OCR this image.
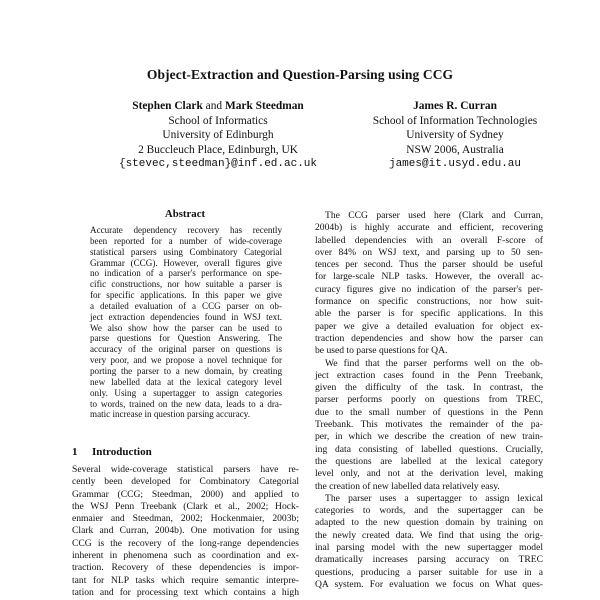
Object-Extraction and Question-Parsing using CCG
Stephen Clark and Mark Steedman
School of Informatics
University of Edinburgh
2 Buccleuch Place, Edinburgh, UK
{stevec,steedman}@inf.ed.ac.uk
James R. Curran
School of Information Technologies
University of Sydney
NSW 2006, Australia
james@it.usyd.edu.au
Abstract
Accurate dependency recovery has recently
been reported for a number of wide-coverage
statistical parsers using Combinatory Categorial
Grammar (CCG). However, overall figures give
no indication of a parser's performance on spe-
cific constructions, nor how suitable a parser is
for specific applications. In this paper we give
a detailed evaluation of a CCG parser on ob-
ject extraction dependencies found in WSJ text.
We also show how the parser can be used to
parse questions for Question Answering. The
accuracy of the original parser on questions is
very poor, and we propose a novel technique for
porting the parser to a new domain, by creating
new labelled data at the lexical category level
only. Using a supertagger to assign categories
to words, trained on the new data, leads to a dra-
matic increase in question parsing accuracy.
1 Introduction
Several wide-coverage statistical parsers have re-
cently been developed for Combinatory Categorial
Grammar (CCG; Steedman, 2000) and applied to
the WSJ Penn Treebank (Clark et al., 2002; Hock-
enmaier and Steedman, 2002; Hockenmaier, 2003b;
Clark and Curran, 2004b). One motivation for using
CCG is the recovery of the long-range dependencies
inherent in phenomena such as coordination and ex-
traction. Recovery of these dependencies is impor-
tant for NLP tasks which require semantic interpre-
tation and for processing text which contains a high
The CCG parser used here (Clark and Curran,
2004b) is highly accurate and efficient, recovering
labelled dependencies with an overall F-score of
over 84% on WSJ text, and parsing up to 50 sen-
tences per second. Thus the parser should be useful
for large-scale NLP tasks. However, the overall ac-
curacy figures give no indication of the parser's per-
formance on specific constructions, nor how suit-
able the parser is for specific applications. In this
paper we give a detailed evaluation for object ex-
traction dependencies and show how the parser can
be used to parse questions for QA.
We find that the parser performs well on the ob-
ject extraction cases found in the Penn Treebank,
given the difficulty of the task. In contrast, the
parser performs poorly on questions from TREC,
due to the small number of questions in the Penn
Treebank. This motivates the remainder of the pa-
per, in which we describe the creation of new train-
ing data consisting of labelled questions. Crucially,
the questions are labelled at the lexical category
level only, and not at the derivation level, making
the creation of new labelled data relatively easy.
The parser uses a supertagger to assign lexical
categories to words, and the supertagger can be
adapted to the new question domain by training on
the newly created data. We find that using the orig-
inal parsing model with the new supertagger model
dramatically increases parsing accuracy on TREC
questions, producing a parser suitable for use in a
QA system. For evaluation we focus on What ques-
